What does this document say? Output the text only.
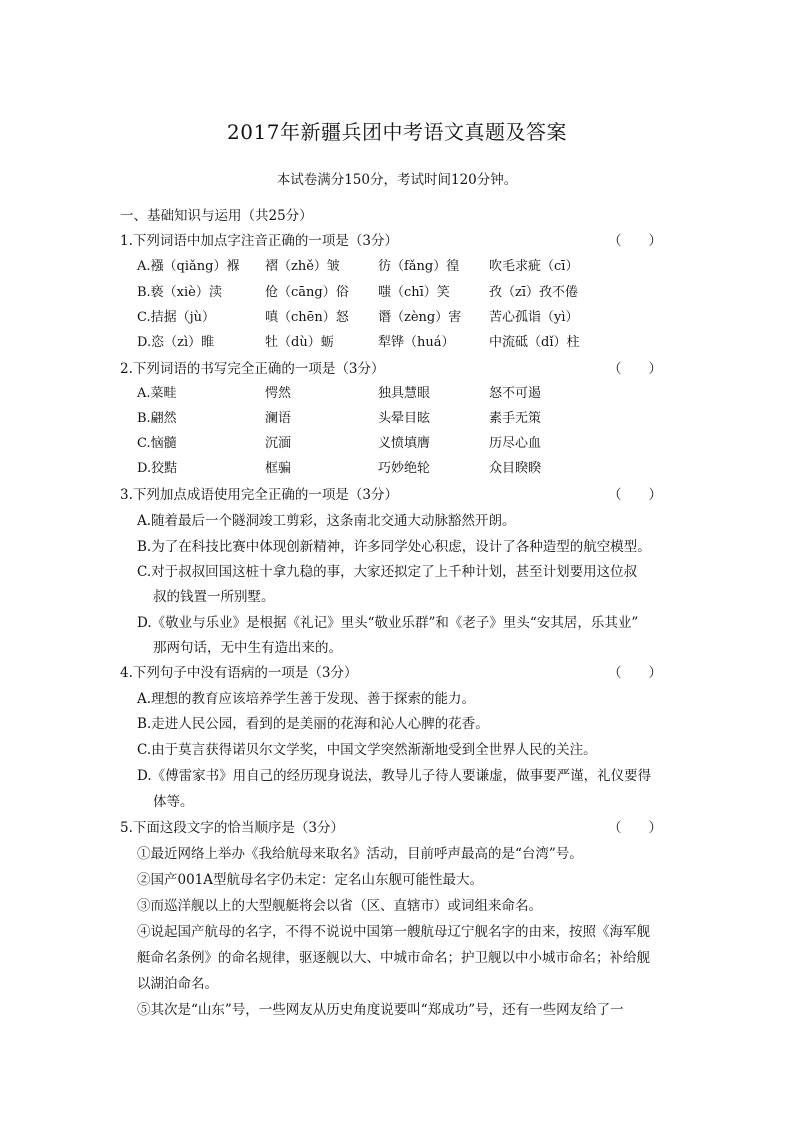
2017年新疆兵团中考语文真题及答案
本试卷满分150分，考试时间120分钟。
一、基础知识与运用（共25分）
1.下列词语中加点字注音正确的一项是（3分）	（　　）
A.襁（qiǎng）褓 褶（zhě）皱	彷（fǎng）徨 吹毛求疵（cī）
B.亵（xiè）渎	伧（cāng）俗 嗤（chī）笑	孜（zī）孜不倦
C.拮据（jù）	嗔（chēn）怒 谮（zèng）害 苦心孤诣（yì）
D.恣（zì）睢	牡（dù）蛎	犁铧（huá）	中流砥（dǐ）柱
2.下列词语的书写完全正确的一项是（3分）	（　　）
A.菜畦	愕然	独具慧眼	怒不可遏
B.翩然	澜语	头晕目眩	素手无策
C.恼髓	沉湎	义愤填膺	历尽心血
D.狡黠	框骗	巧妙绝轮	众目睽睽
3.下列加点成语使用完全正确的一项是（3分）	（　　）
A.随着最后一个隧洞竣工剪彩，这条南北交通大动脉豁然开朗。
B.为了在科技比赛中体现创新精神，许多同学处心积虑，设计了各种造型的航空模型。
C.对于叔叔回国这桩十拿九稳的事，大家还拟定了上千种计划，甚至计划要用这位叔
叔的钱置一所别墅。
D.《敬业与乐业》是根据《礼记》里头“敬业乐群”和《老子》里头“安其居，乐其业”
那两句话，无中生有造出来的。
4.下列句子中没有语病的一项是（3分）	（　　）
A.理想的教育应该培养学生善于发现、善于探索的能力。
B.走进人民公园，看到的是美丽的花海和沁人心脾的花香。
C.由于莫言获得诺贝尔文学奖，中国文学突然渐渐地受到全世界人民的关注。
D.《傅雷家书》用自己的经历现身说法，教导儿子待人要谦虚，做事要严谨，礼仪要得
体等。
5.下面这段文字的恰当顺序是（3分）	（　　）
①最近网络上举办《我给航母来取名》活动，目前呼声最高的是“台湾”号。
②国产001A型航母名字仍未定：定名山东舰可能性最大。
③而巡洋舰以上的大型舰艇将会以省（区、直辖市）或词组来命名。
④说起国产航母的名字，不得不说说中国第一艘航母辽宁舰名字的由来，按照《海军舰
艇命名条例》的命名规律，驱逐舰以大、中城市命名；护卫舰以中小城市命名；补给舰
以湖泊命名。
⑤其次是“山东”号，一些网友从历史角度说要叫“郑成功”号，还有一些网友给了一
